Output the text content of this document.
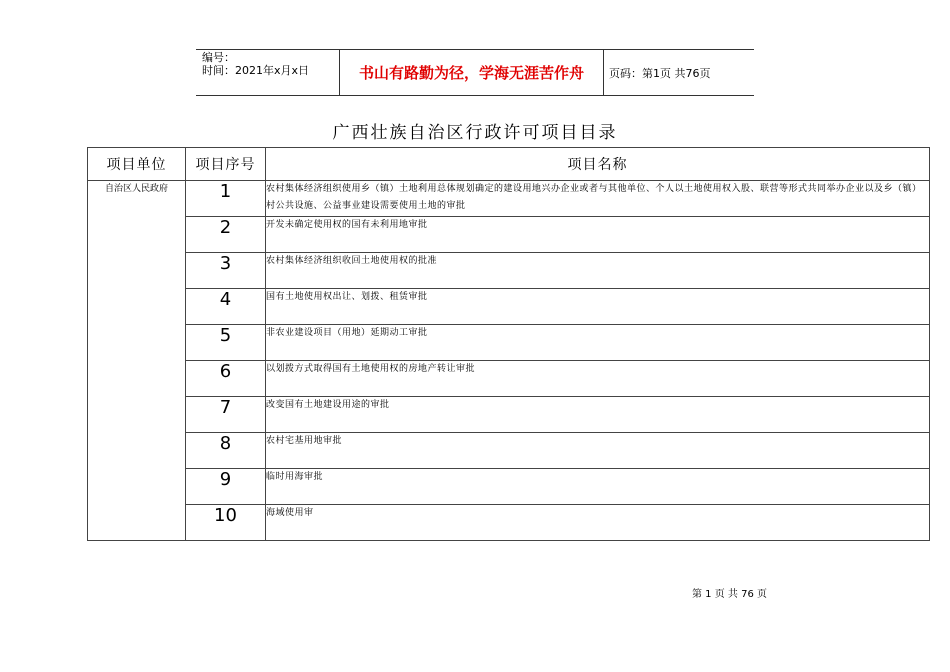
编号：
时间：2021年x月x日	书山有路勤为径，学海无涯苦作舟	页码：第1页 共76页
广西壮族自治区行政许可项目目录
项目单位	项目序号	项目名称
自治区人民政府	1	农村集体经济组织使用乡（镇）土地利用总体规划确定的建设用地兴办企业或者与其他单位、个人以土地使用权入股、联营等形式共同举办企业以及乡（镇）村公共设施、公益事业建设需要使用土地的审批
	2	开发未确定使用权的国有未利用地审批
	3	农村集体经济组织收回土地使用权的批准
	4	国有土地使用权出让、划拨、租赁审批
	5	非农业建设项目（用地）延期动工审批
	6	以划拨方式取得国有土地使用权的房地产转让审批
	7	改变国有土地建设用途的审批
	8	农村宅基用地审批
	9	临时用海审批
	10	海域使用审
第 1 页 共 76 页
